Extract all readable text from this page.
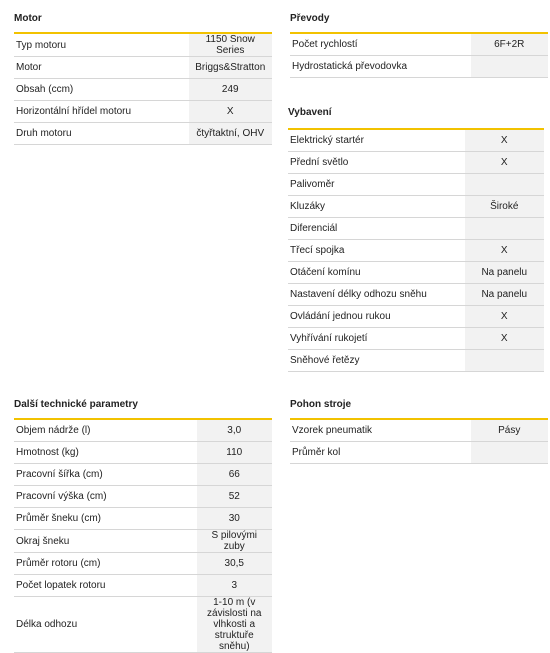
Motor
Typ motoru	1150 Snow Series
Motor	Briggs&Stratton
Obsah (ccm)	249
Horizontální hřídel motoru	X
Druh motoru	čtyřtaktní, OHV
Převody
Počet rychlostí	6F+2R
Hydrostatická převodovka	
Vybavení
Elektrický startér	X
Přední světlo	X
Palivoměr	
Kluzáky	Široké
Diferenciál	
Třecí spojka	X
Otáčení komínu	Na panelu
Nastavení délky odhozu sněhu	Na panelu
Ovládání jednou rukou	X
Vyhřívání rukojetí	X
Sněhové řetězy	
Další technické parametry
Objem nádrže (l)	3,0
Hmotnost (kg)	110
Pracovní šířka (cm)	66
Pracovní výška (cm)	52
Průměr šneku (cm)	30
Okraj šneku	S pilovými zuby
Průměr rotoru (cm)	30,5
Počet lopatek rotoru	3
Délka odhozu	1-10 m (v závislosti na vlhkosti a struktuře sněhu)
Pohon stroje
Vzorek pneumatik	Pásy
Průměr kol	
